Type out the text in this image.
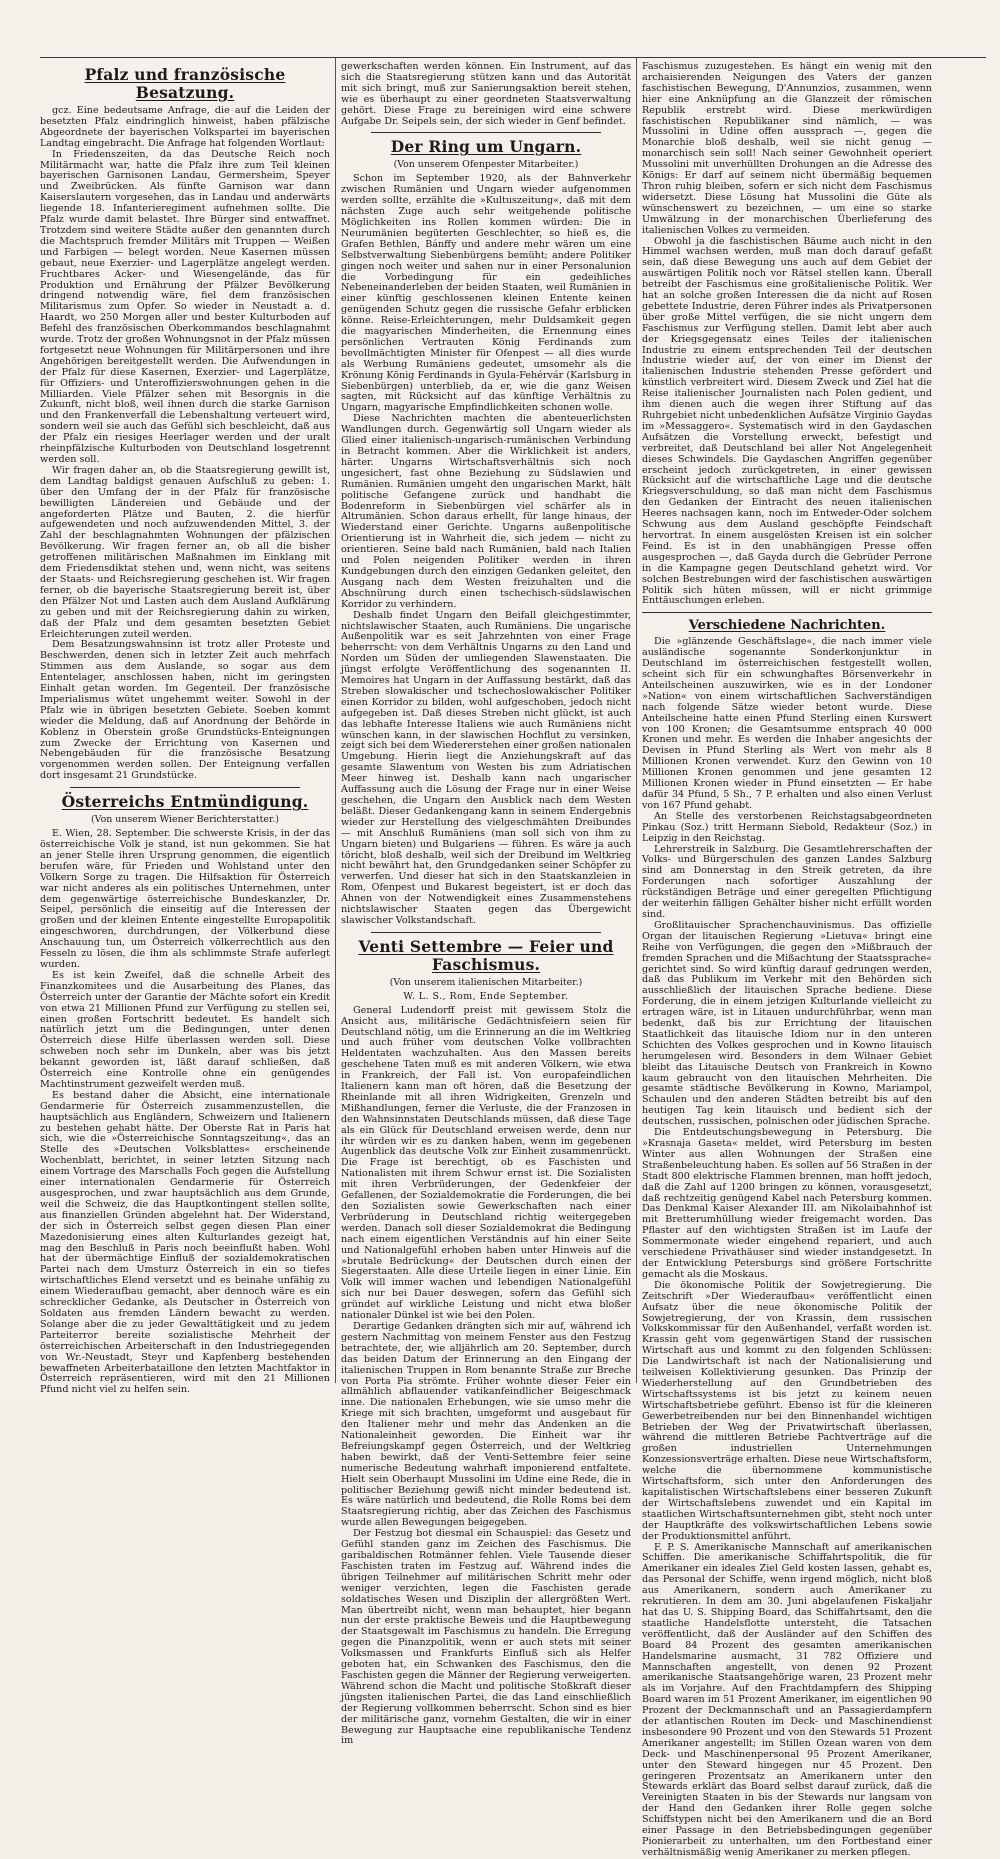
Pfalz und französische Besatzung.

gcz. Eine bedeutsame Anfrage, die auf die Leiden der besetzten Pfalz eindringlich hinweist, haben pfälzische Abgeordnete der bayerischen Volkspartei im bayerischen Landtag eingebracht. Die Anfrage hat folgenden Wortlaut:

In Friedenszeiten, da das Deutsche Reich noch Militärmacht war, hatte die Pfalz ihre zum Teil kleinen bayerischen Garnisonen Landau, Germersheim, Speyer und Zweibrücken. Als fünfte Garnison war dann Kaiserslautern vorgesehen, das in Landau und anderwärts liegende 18. Infanterieregiment aufnehmen sollte. Die Pfalz wurde damit belastet. Ihre Bürger sind entwaffnet. Trotzdem sind weitere Städte außer den genannten durch die Machtspruch fremder Militärs mit Truppen — Weißen und Farbigen — belegt worden. Neue Kasernen müssen gebaut, neue Exerzier- und Lagerplätze angelegt werden. Fruchtbares Acker- und Wiesengelände, das für Produktion und Ernährung der Pfälzer Bevölkerung dringend notwendig wäre, fiel dem französischen Militarismus zum Opfer. So wieder in Neustadt a. d. Haardt, wo 250 Morgen aller und bester Kulturboden auf Befehl des französischen Oberkommandos beschlagnahmt wurde. Trotz der großen Wohnungsnot in der Pfalz müssen fortgesetzt neue Wohnungen für Militärpersonen und ihre Angehörigen bereitgestellt werden. Die Aufwendungen in der Pfalz für diese Kasernen, Exerzier- und Lagerplätze, für Offiziers- und Unteroffizierswohnungen gehen in die Milliarden. Viele Pfälzer sehen mit Besorgnis in die Zukunft, nicht bloß, weil ihnen durch die starke Garnison und den Frankenverfall die Lebenshaltung verteuert wird, sondern weil sie auch das Gefühl sich beschleicht, daß aus der Pfalz ein riesiges Heerlager werden und der uralt rheinpfälzische Kulturboden von Deutschland losgetrennt werden soll.

Wir fragen daher an, ob die Staatsregierung gewillt ist, dem Landtag baldigst genauen Aufschluß zu geben: 1. über den Umfang der in der Pfalz für französische bewilligten Ländereien und Gebäude und der angeforderten Plätze und Bauten, 2. die hierfür aufgewendeten und noch aufzuwendenden Mittel, 3. der Zahl der beschlagnahmten Wohnungen der pfälzischen Bevölkerung. Wir fragen ferner an, ob all die bisher getroffenen militärischen Maßnahmen im Einklang mit dem Friedensdiktat stehen und, wenn nicht, was seitens der Staats- und Reichsregierung geschehen ist. Wir fragen ferner, ob die bayerische Staatsregierung bereit ist, über den Pfälzer Not und Lasten auch dem Ausland Aufklärung zu geben und mit der Reichsregierung dahin zu wirken, daß der Pfalz und dem gesamten besetzten Gebiet Erleichterungen zuteil werden.

Dem Besatzungswahnsinn ist trotz aller Proteste und Beschwerden, denen sich in letzter Zeit auch mehrfach Stimmen aus dem Auslande, so sogar aus dem Ententelager, anschlossen haben, nicht im geringsten Einhalt getan worden. Im Gegenteil. Der französische Imperialismus wütet ungehemmt weiter. Sowohl in der Pfalz wie in übrigen besetzten Gebiete. Soeben kommt wieder die Meldung, daß auf Anordnung der Behörde in Koblenz in Oberstein große Grundstücks-Enteignungen zum Zwecke der Errichtung von Kasernen und Nebengebäuden für die französische Besatzung vorgenommen werden sollen. Der Enteignung verfallen dort insgesamt 21 Grundstücke.

Österreichs Entmündigung.
(Von unserem Wiener Berichterstatter.)

E. Wien, 28. September. Die schwerste Krisis, in der das österreichische Volk je stand, ist nun gekommen. Sie hat an jener Stelle ihren Ursprung genommen, die eigentlich berufen wäre, für Frieden und Wohlstand unter den Völkern Sorge zu tragen. Die Hilfsaktion für Österreich war nicht anderes als ein politisches Unternehmen, unter dem gegenwärtige österreichische Bundeskanzler, Dr. Seipel, persönlich die einseitig auf die Interessen der großen und der kleinen Entente eingestellte Europapolitik eingeschworen, durchdrungen, der Völkerbund diese Anschauung tun, um Österreich völkerrechtlich aus den Fesseln zu lösen, die ihm als schlimmste Strafe auferlegt wurden.

Es ist kein Zweifel, daß die schnelle Arbeit des Finanzkomitees und die Ausarbeitung des Planes, das Österreich unter der Garantie der Mächte sofort ein Kredit von etwa 21 Millionen Pfund zur Verfügung zu stellen sei, einen großen Fortschritt bedeutet. Es handelt sich natürlich jetzt um die Bedingungen, unter denen Österreich diese Hilfe überlassen werden soll. Diese schweben noch sehr im Dunkeln, aber was bis jetzt bekannt geworden ist, läßt darauf schließen, daß Österreich eine Kontrolle ohne ein genügendes Machtinstrument gezweifelt werden muß.

Es bestand daher die Absicht, eine internationale Gendarmerie für Österreich zusammenzustellen, die hauptsächlich aus Engländern, Schweizern und Italienern zu bestehen gehabt hätte. Der Oberste Rat in Paris hat sich, wie die »Österreichische Sonntagszeitung«, das an Stelle des »Deutschen Volksblattes« erscheinende Wochenblatt, berichtet, in seiner letzten Sitzung nach einem Vortrage des Marschalls Foch gegen die Aufstellung einer internationalen Gendarmerie für Österreich ausgesprochen, und zwar hauptsächlich aus dem Grunde, weil die Schweiz, die das Hauptkontingent stellen sollte, aus finanziellen Gründen abgelehnt hat. Der Widerstand, der sich in Österreich selbst gegen diesen Plan einer Mazedonisierung eines alten Kulturlandes gezeigt hat, mag den Beschluß in Paris noch beeinflußt haben. Wohl hat der übermächtige Einfluß der sozialdemokratischen Partei nach dem Umsturz Österreich in ein so tiefes wirtschaftliches Elend versetzt und es beinahe unfähig zu einem Wiederaufbau gemacht, aber dennoch wäre es ein schrecklicher Gedanke, als Deutscher in Österreich von Soldaten aus fremden Ländern bewacht zu werden. Solange aber die zu jeder Gewalttätigkeit und zu jedem Parteiterror bereite sozialistische Mehrheit der österreichischen Arbeiterschaft in den Industriegegenden von Wr.-Neustadt, Steyr und Kapfenberg bestehenden bewaffneten Arbeiterbataillone den letzten Machtfaktor in Österreich repräsentieren, wird mit den 21 Millionen Pfund nicht viel zu helfen sein.

gewerkschaften werden können. Ein Instrument, auf das sich die Staatsregierung stützen kann und das Autorität mit sich bringt, muß zur Sanierungsaktion bereit stehen, wie es überhaupt zu einer geordneten Staatsverwaltung gehört. Diese Frage zu bereinigen wird eine schwere Aufgabe Dr. Seipels sein, der sich wieder in Genf befindet.

Der Ring um Ungarn.
(Von unserem Ofenpester Mitarbeiter.)

Schon im September 1920, als der Bahnverkehr zwischen Rumänien und Ungarn wieder aufgenommen werden sollte, erzählte die »Kultuszeitung«, daß mit dem nächsten Zuge auch sehr weitgehende politische Möglichkeiten ins Rollen kommen würden: Die in Neurumänien begüterten Geschlechter, so hieß es, die Grafen Bethlen, Bánffy und andere mehr wären um eine Selbstverwaltung Siebenbürgens bemüht; andere Politiker gingen noch weiter und sahen nur in einer Personalunion die Vorbedingung für ein gedeihliches Nebeneinanderleben der beiden Staaten, weil Rumänien in einer künftig geschlossenen kleinen Entente keinen genügenden Schutz gegen die russische Gefahr erblicken könne. Reise-Erleichterungen, mehr Duldsamkeit gegen die magyarischen Minderheiten, die Ernennung eines persönlichen Vertrauten König Ferdinands zum bevollmächtigten Minister für Ofenpest — all dies wurde als Werbung Rumäniens gedeutet, umsomehr als die Krönung König Ferdinands in Gyula-Fehérvár (Karlsburg in Siebenbürgen) unterblieb, da er, wie die ganz Weisen sagten, mit Rücksicht auf das künftige Verhältnis zu Ungarn, magyarische Empfindlichkeiten schonen wolle.

Diese Nachrichten machten die abenteuerlichsten Wandlungen durch. Gegenwärtig soll Ungarn wieder als Glied einer italienisch-ungarisch-rumänischen Verbindung in Betracht kommen. Aber die Wirklichkeit ist anders, härter. Ungarns Wirtschaftsverhältnis sich noch ungesichert, fast ohne Beziehung zu Südslawien und Rumänien. Rumänien umgeht den ungarischen Markt, hält politische Gefangene zurück und handhabt die Bodenreform in Siebenbürgen viel schärfer als in Altrumänien. Schon daraus erhellt, für lange hinaus, der Wiederstand einer Gerichte. Ungarns außenpolitische Orientierung ist in Wahrheit die, sich jedem — nicht zu orientieren. Seine bald nach Rumänien, bald nach Italien und Polen neigenden Politiker werden in ihren Kundgebungen durch den einzigen Gedanken geleitet, den Ausgang nach dem Westen freizuhalten und die Abschnürung durch einen tschechisch-südslawischen Korridor zu verhindern.

Deshalb findet Ungarn den Beifall gleichgestimmter, nichtslawischer Staaten, auch Rumäniens. Die ungarische Außenpolitik war es seit Jahrzehnten von einer Frage beherrscht: von dem Verhältnis Ungarns zu den Land und Norden um Süden der umliegenden Slawenstaaten. Die jüngst erfolgte Veröffentlichung des sogenannten II. Memoires hat Ungarn in der Auffassung bestärkt, daß das Streben slowakischer und tschechoslowakischer Politiker einen Korridor zu bilden, wohl aufgeschoben, jedoch nicht aufgegeben ist. Daß dieses Streben nicht glückt, ist auch das lebhafte Interesse Italiens wie auch Rumäniens nicht wünschen kann, in der slawischen Hochflut zu versinken, zeigt sich bei dem Wiedererstehen einer großen nationalen Umgebung. Hierin liegt die Anziehungskraft auf das gesamte Slawentum von Westen bis zum Adriatischen Meer hinweg ist. Deshalb kann nach ungarischer Auffassung auch die Lösung der Frage nur in einer Weise geschehen, die Ungarn den Ausblick nach dem Westen beläßt. Dieser Gedankengang kann in seinem Endergebnis wieder zur Herstellung des vielgeschmähten Dreibundes — mit Anschluß Rumäniens (man soll sich von ihm zu Ungarn bieten) und Bulgariens — führen. Es wäre ja auch töricht, bloß deshalb, weil sich der Dreibund im Weltkrieg nicht bewährt hat, den Grundgedanken seiner Schöpfer zu verwerfen. Und dieser hat sich in den Staatskanzleien in Rom, Ofenpest und Bukarest begeistert, ist er doch das Ahnen von der Notwendigkeit eines Zusammenstehens nichtslawischer Staaten gegen das Übergewicht slawischer Volkstandschaft.

Venti Settembre — Feier und Faschismus.
(Von unserem italienischen Mitarbeiter.)
W. L. S., Rom, Ende September.

General Ludendorff preist mit gewissem Stolz die Ansicht aus, militärische Gedächtnisfeiern seien für Deutschland nötig, um die Erinnerung an die im Weltkrieg und auch früher vom deutschen Volke vollbrachten Heldentaten wachzuhalten. Aus den Massen bereits geschehene Taten muß es mit anderen Völkern, wie etwa in Frankreich, der Fall ist. Von europafeindlichen Italienern kann man oft hören, daß die Besetzung der Rheinlande mit all ihren Widrigkeiten, Grenzeln und Mißhandlungen, ferner die Verluste, die der Franzosen in den Wahnsinnstaten Deutschlands müssen, daß diese Tage als ein Glück für Deutschland erweisen werde, denn nur ihr würden wir es zu danken haben, wenn im gegebenen Augenblick das deutsche Volk zur Einheit zusammenrückt. Die Frage ist berechtigt, ob es Faschisten und Nationalisten mit ihrem Schwur ernst ist. Die Sozialisten mit ihren Verbrüderungen, der Gedenkfeier der Gefallenen, der Sozialdemokratie die Forderungen, die bei den Sozialisten sowie Gewerkschaften nach einer Verbrüderung in Deutschland richtig weitergegeben werden. Danach soll dieser Sozialdemokrat die Bedingung nach einem eigentlichen Verständnis auf hin einer Seite und Nationalgefühl erhoben haben unter Hinweis auf die »brutale Bedrückung« der Deutschen durch einen der Siegerstaaten. Alle diese Urteile liegen in einer Linie. Ein Volk will immer wachen und lebendigen Nationalgefühl sich nur bei Dauer deswegen, sofern das Gefühl sich gründet auf wirkliche Leistung und nicht etwa bloßer nationaler Dünkel ist wie bei den Polen.

Derartige Gedanken drängten sich mir auf, während ich gestern Nachmittag von meinem Fenster aus den Festzug betrachtete, der, wie alljährlich am 20. September, durch das beiden Datum der Erinnerung an den Eingang der italienischen Truppen in Rom benannte Straße zur Breche von Porta Pia strömte. Früher wohnte dieser Feier ein allmählich abflauender vatikanfeindlicher Beigeschmack inne. Die nationalen Erhebungen, wie sie umso mehr die Kriege mit sich brachten, umgeformt und ausgebaut für den Italiener mehr und mehr das Andenken an die Nationaleinheit geworden. Die Einheit war ihr Befreiungskampf gegen Österreich, und der Weltkrieg haben bewirkt, daß der Venti-Settembre feier seine numerische Bedeutung wahrhaft imponierend entfaltete. Hielt sein Oberhaupt Mussolini im Udine eine Rede, die in politischer Beziehung gewiß nicht minder bedeutend ist. Es wäre natürlich und bedeutend, die Rolle Roms bei dem Staatsregierung richtig, aber das Zeichen des Faschismus wurde allen Bewegungen beigegeben.

Der Festzug bot diesmal ein Schauspiel: das Gesetz und Gefühl standen ganz im Zeichen des Faschismus. Die garibaldischen Rotmänner fehlen. Viele Tausende dieser Faschisten traten im Festzug auf. Während indes die übrigen Teilnehmer auf militärischen Schritt mehr oder weniger verzichten, legen die Faschisten gerade soldatisches Wesen und Disziplin der allergrößten Wert. Man übertreibt nicht, wenn man behauptet, hier begann nun der erste praktische Beweis und die Hauptbewegung der Staatsgewalt im Faschismus zu handeln. Die Erregung gegen die Pinanzpolitik, wenn er auch stets mit seiner Volksmassen und Frankfurts Einfluß sich als Helfer geboten hat, ein Schwanken des Faschismus, den die Faschisten gegen die Männer der Regierung verweigerten. Während schon die Macht und politische Stoßkraft dieser jüngsten italienischen Partei, die das Land einschließlich der Regierung vollkommen beherrscht. Schon sind es hier der militärische ganz, vornehm Gestalten, die wir in einer Bewegung zur Hauptsache eine republikanische Tendenz im

Faschismus zuzugestehen. Es hängt ein wenig mit den archaisierenden Neigungen des Vaters der ganzen faschistischen Bewegung, D'Annunzios, zusammen, wenn hier eine Anknüpfung an die Glanzzeit der römischen Republik erstrebt wird. Diese merkwürdigen faschistischen Republikaner sind nämlich, — was Mussolini in Udine offen aussprach —, gegen die Monarchie bloß deshalb, weil sie nicht genug — monarchisch sein soll! Nach seiner Gewohnheit operiert Mussolini mit unverhüllten Drohungen an die Adresse des Königs: Er darf auf seinem nicht übermäßig bequemen Thron ruhig bleiben, sofern er sich nicht dem Faschismus widersetzt. Diese Lösung hat Mussolini die Güte als wünschenswert zu bezeichnen, — um eine so starke Umwälzung in der monarchischen Überlieferung des italienischen Volkes zu vermeiden.

Obwohl ja die faschistischen Bäume auch nicht in den Himmel wachsen werden, muß man doch darauf gefaßt sein, daß diese Bewegung uns auch auf dem Gebiet der auswärtigen Politik noch vor Rätsel stellen kann. Überall betreibt der Faschismus eine großitalienische Politik. Wer hat an solche großen Interessen die da nicht auf Rosen gebettete Industrie, deren Führer indes als Privatpersonen über große Mittel verfügen, die sie nicht ungern dem Faschismus zur Verfügung stellen. Damit lebt aber auch der Kriegsgegensatz eines Teiles der italienischen Industrie zu einem entsprechenden Teil der deutschen Industrie wieder auf, der von einer im Dienst der italienischen Industrie stehenden Presse gefördert und künstlich verbreitert wird. Diesem Zweck und Ziel hat die Reise italienischer Journalisten nach Polen gedient, und ihm dienen auch die wegen ihrer Stiftung auf das Ruhrgebiet nicht unbedenklichen Aufsätze Virginio Gaydas im »Messaggero«. Systematisch wird in den Gaydaschen Aufsätzen die Vorstellung erweckt, befestigt und verbreitet, daß Deutschland bei aller Not Angelegenheit dieses Schwindels. Die Gaydaschen Angriffen gegenüber erscheint jedoch zurückgetreten, in einer gewissen Rücksicht auf die wirtschaftliche Lage und die deutsche Kriegsverschuldung, so daß man nicht dem Faschismus den Gedanken der Eintracht des neuen italienischen Heeres nachsagen kann, noch im Entweder-Oder solchem Schwung aus dem Ausland geschöpfte Feindschaft hervortrat. In einem ausgelösten Kreisen ist ein solcher Feind. Es ist in den unabhängigen Presse offen ausgesprochen —, daß Gayda durch die Gebrüder Perrone in die Kampagne gegen Deutschland gehetzt wird. Vor solchen Bestrebungen wird der faschistischen auswärtigen Politik sich hüten müssen, will er nicht grimmige Enttäuschungen erleben.

Verschiedene Nachrichten.

Die »glänzende Geschäftslage«, die nach immer viele ausländische sogenannte Sonderkonjunktur in Deutschland im österreichischen festgestellt wollen, scheint sich für ein schwunghaftes Börsenverkehr in Anteilscheinen auszuwirken, wie es in der Londoner »Nation« von einem wirtschaftlichen Sachverständigen nach folgende Sätze wieder betont wurde. Diese Anteilscheine hatte einen Pfund Sterling einen Kurswert von 100 Kronen; die Gesamtsumme entsprach 40 000 Kronen und mehr. Es werden die Inhaber angesichts der Devisen in Pfund Sterling als Wert von mehr als 8 Millionen Kronen verwendet. Kurz den Gewinn von 10 Millionen Kronen genommen und jene gesamten 12 Millionen Kronen wieder in Pfund einsetzten — Er habe dafür 34 Pfund, 5 Sh., 7 P. erhalten und also einen Verlust von 167 Pfund gehabt.

An Stelle des verstorbenen Reichstagsabgeordneten Pinkau (Soz.) tritt Hermann Siebold, Redakteur (Soz.) in Leipzig in den Reichstag.

Lehrerstreik in Salzburg. Die Gesamtlehrerschaften der Volks- und Bürgerschulen des ganzen Landes Salzburg sind am Donnerstag in den Streik getreten, da ihre Forderungen nach sofortiger Auszahlung der rückständigen Beträge und einer geregelten Pflichtigung der weiterhin fälligen Gehälter bisher nicht erfüllt worden sind.

Großlitauischer Sprachenchauvinismus. Das offizielle Organ der litauischen Regierung »Lietuva« bringt eine Reihe von Verfügungen, die gegen den »Mißbrauch der fremden Sprachen und die Mißachtung der Staatssprache« gerichtet sind. So wird künftig darauf gedrungen werden, daß das Publikum im Verkehr mit den Behörden sich ausschließlich der litauischen Sprache bediene. Diese Forderung, die in einem jetzigen Kulturlande vielleicht zu ertragen wäre, ist in Litauen undurchführbar, wenn man bedenkt, daß bis zur Errichtung der litauischen Staatlichkeit das litauische Idiom nur in den unteren Schichten des Volkes gesprochen und in Kowno litauisch herumgelesen wird. Besonders in dem Wilnaer Gebiet bleibt das Litauische Deutsch von Frankreich in Kowno kaum gebraucht von den litauischen Mehrheiten. Die gesamte städtische Bevölkerung in Kowno, Mariampol, Schaulen und den anderen Städten betreibt bis auf den heutigen Tag kein litauisch und bedient sich der deutschen, russischen, polnischen oder jüdischen Sprache.

Die Entdeutschungsbewegung in Petersburg. Die »Krasnaja Gaseta« meldet, wird Petersburg im besten Winter aus allen Wohnungen der Straßen eine Straßenbeleuchtung haben. Es sollen auf 56 Straßen in der Stadt 800 elektrische Flammen brennen, man hofft jedoch, daß die Zahl auf 1200 bringen zu können, vorausgesetzt, daß rechtzeitig genügend Kabel nach Petersburg kommen. Das Denkmal Kaiser Alexander III. am Nikolaibahnhof ist mit Bretterumhüllung wieder freigemacht worden. Das Pflaster auf den wichtigsten Straßen ist im Laufe der Sommermonate wieder eingehend repariert, und auch verschiedene Privathäuser sind wieder instandgesetzt. In der Entwicklung Petersburgs sind größere Fortschritte gemacht als die Moskaus.

Die ökonomische Politik der Sowjetregierung. Die Zeitschrift »Der Wiederaufbau« veröffentlicht einen Aufsatz über die neue ökonomische Politik der Sowjetregierung, der von Krassin, dem russischen Volkskommissar für den Außenhandel, verfaßt worden ist. Krassin geht vom gegenwärtigen Stand der russischen Wirtschaft aus und kommt zu den folgenden Schlüssen: Die Landwirtschaft ist nach der Nationalisierung und teilweisen Kollektivierung gesunken. Das Prinzip der Wiederherstellung auf den Grundbetrieben des Wirtschaftssystems ist bis jetzt zu keinem neuen Wirtschaftsbetriebe geführt. Ebenso ist für die kleineren Gewerbetreibenden nur bei den Binnenhandel wichtigen Betrieben der Weg der Privatwirtschaft überlassen, während die mittleren Betriebe Pachtverträge auf die großen industriellen Unternehmungen Konzessionsverträge erhalten. Diese neue Wirtschaftsform, welche die übernommene kommunistische Wirtschaftsform, sich unter den Anforderungen des kapitalistischen Wirtschaftslebens einer besseren Zukunft der Wirtschaftslebens zuwendet und ein Kapital im staatlichen Wirtschaftsunternehmen gibt, steht noch unter der Hauptkräfte des volkswirtschaftlichen Lebens sowie der Produktionsmittel anführt.

F. P. S. Amerikanische Mannschaft auf amerikanischen Schiffen. Die amerikanische Schiffahrtspolitik, die für Amerikaner ein ideales Ziel Geld kosten lassen, gehabt es, das Personal der Schiffe, wenn irgend möglich, nicht bloß aus Amerikanern, sondern auch Amerikaner zu rekrutieren. In dem am 30. Juni abgelaufenen Fiskaljahr hat das U. S. Shipping Board, das Schiffahrtsamt, den die staatliche Handelsflotte untersteht, die Tatsachen veröffentlicht, daß der Ausländer auf den Schiffen des Board 84 Prozent des gesamten amerikanischen Handelsmarine ausmacht, 31 782 Offiziere und Mannschaften angestellt, von denen 92 Prozent amerikanische Staatsangehörige waren, 23 Prozent mehr als im Vorjahre. Auf den Frachtdampfern des Shipping Board waren im 51 Prozent Amerikaner, im eigentlichen 90 Prozent der Deckmannschaft und an Passagierdampfern der atlantischen Routen im Deck- und Maschinendienst insbesondere 90 Prozent und von den Stewards 51 Prozent Amerikaner angestellt; im Stillen Ozean waren von dem Deck- und Maschinenpersonal 95 Prozent Amerikaner, unter den Steward hingegen nur 45 Prozent. Den geringeren Prozentsatz an Amerikanern unter den Stewards erklärt das Board selbst darauf zurück, daß die Vereinigten Staaten in bis der Stewards nur langsam von der Hand den Gedanken ihrer Rolle gegen solche Schiffstypen nicht bei den Amerikanern und die an Bord einer Passage in den Betriebsbedingungen gegenüber Pionierarbeit zu unterhalten, um den Fortbestand einer verhältnismäßig wenig Amerikaner zu merken pflegen.
